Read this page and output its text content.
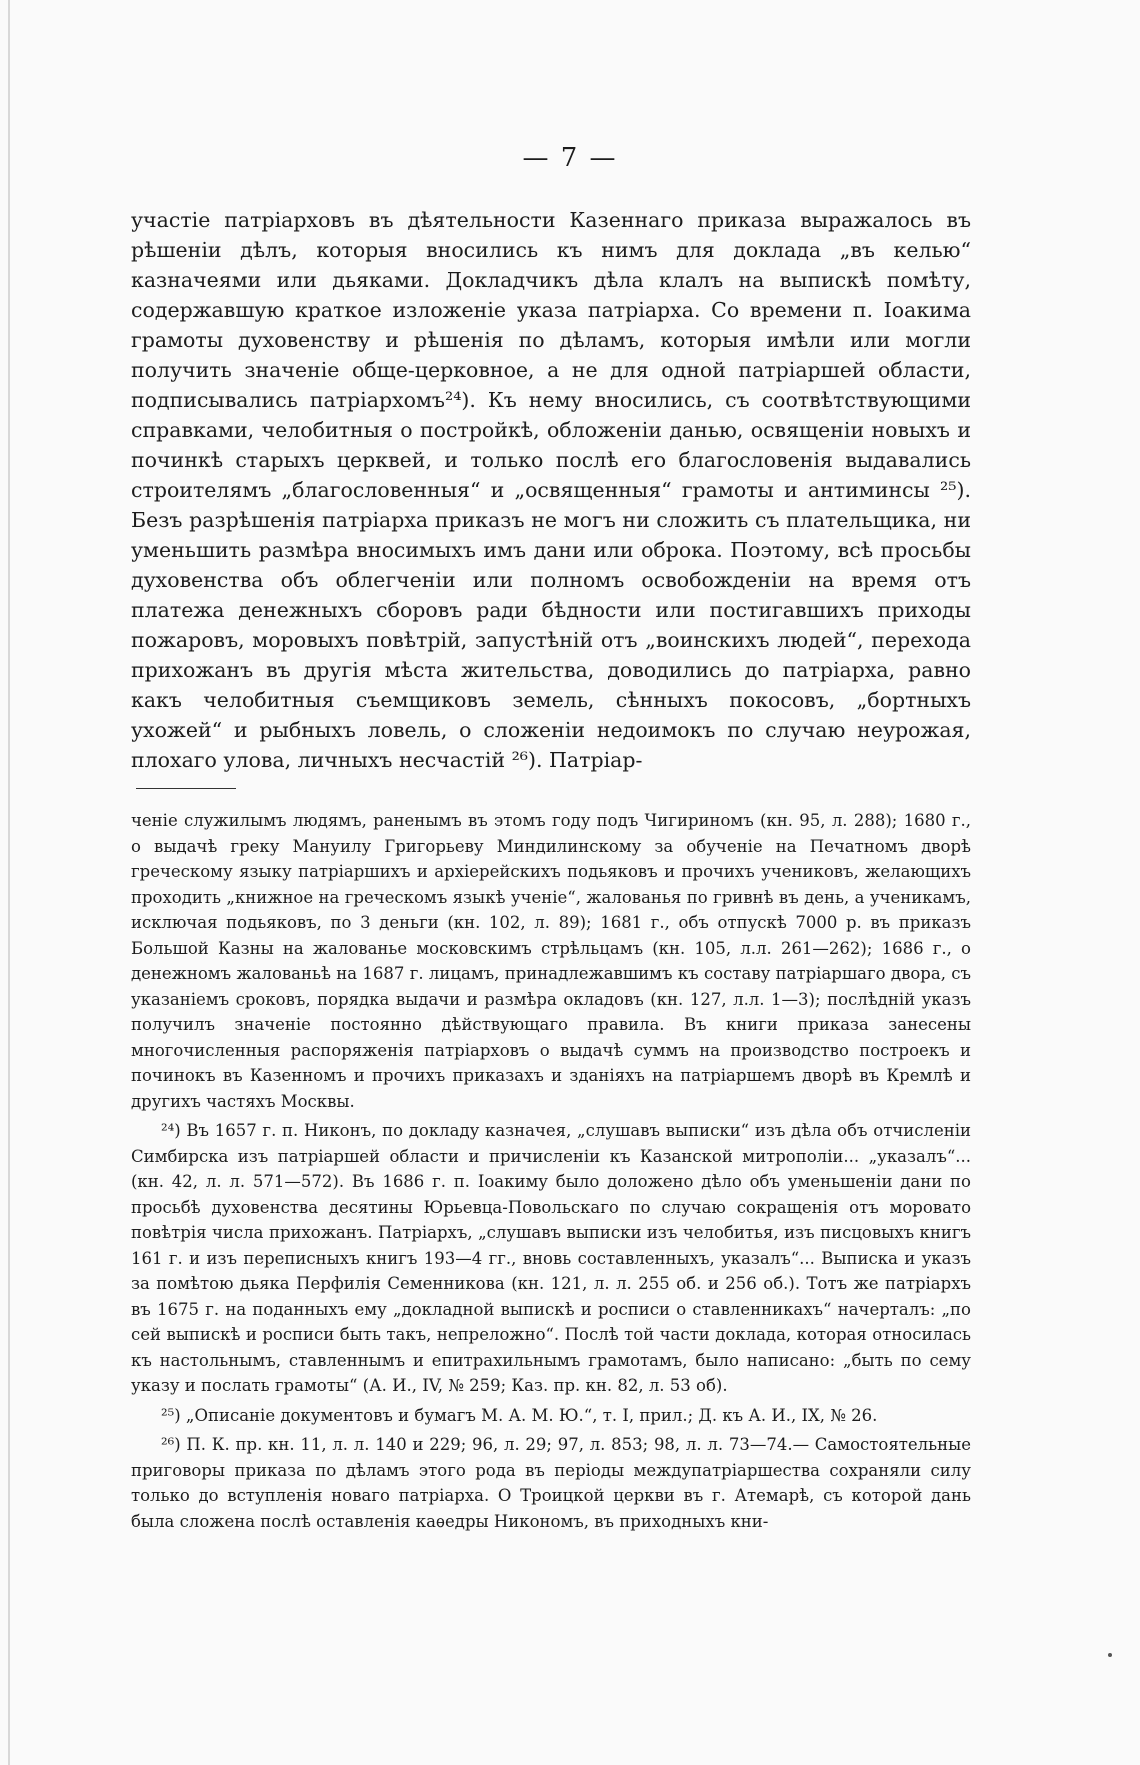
— 7 —

участіе патріарховъ въ дѣятельности Казеннаго приказа выражалось въ рѣшеніи дѣлъ, которыя вносились къ нимъ для доклада „въ келью“ казначеями или дьяками. Докладчикъ дѣла клалъ на выпискѣ помѣту, содержавшую краткое изложеніе указа патріарха. Со времени п. Іоакима грамоты духовенству и рѣшенія по дѣламъ, которыя имѣли или могли получить значеніе обще-церковное, а не для одной патріаршей области, подписывались патріархомъ²⁴). Къ нему вносились, съ соотвѣтствующими справками, челобитныя о постройкѣ, обложеніи данью, освященіи новыхъ и починкѣ старыхъ церквей, и только послѣ его благословенія выдавались строителямъ „благословенныя“ и „освященныя“ грамоты и антиминсы ²⁵). Безъ разрѣшенія патріарха приказъ не могъ ни сложить съ плательщика, ни уменьшить размѣра вносимыхъ имъ дани или оброка. Поэтому, всѣ просьбы духовенства объ облегченіи или полномъ освобожденіи на время отъ платежа денежныхъ сборовъ ради бѣдности или постигавшихъ приходы пожаровъ, моровыхъ повѣтрій, запустѣній отъ „воинскихъ людей“, перехода прихожанъ въ другія мѣста жительства, доводились до патріарха, равно какъ челобитныя съемщиковъ земель, сѣнныхъ покосовъ, „бортныхъ ухожей“ и рыбныхъ ловель, о сложеніи недоимокъ по случаю неурожая, плохаго улова, личныхъ несчастій ²⁶). Патріар-

ченіе служилымъ людямъ, раненымъ въ этомъ году подъ Чигириномъ (кн. 95, л. 288); 1680 г., о выдачѣ греку Мануилу Григорьеву Миндилинскому за обученіе на Печатномъ дворѣ греческому языку патріаршихъ и архіерейскихъ подьяковъ и прочихъ учениковъ, желающихъ проходить „книжное на греческомъ языкѣ ученіе“, жалованья по гривнѣ въ день, а ученикамъ, исключая подьяковъ, по 3 деньги (кн. 102, л. 89); 1681 г., объ отпускѣ 7000 р. въ приказъ Большой Казны на жалованье московскимъ стрѣльцамъ (кн. 105, л.л. 261—262); 1686 г., о денежномъ жалованьѣ на 1687 г. лицамъ, принадлежавшимъ къ составу патріаршаго двора, съ указаніемъ сроковъ, порядка выдачи и размѣра окладовъ (кн. 127, л.л. 1—3); послѣдній указъ получилъ значеніе постоянно дѣйствующаго правила. Въ книги приказа занесены многочисленныя распоряженія патріарховъ о выдачѣ суммъ на производство построекъ и починокъ въ Казенномъ и прочихъ приказахъ и зданіяхъ на патріаршемъ дворѣ въ Кремлѣ и другихъ частяхъ Москвы.

²⁴) Въ 1657 г. п. Никонъ, по докладу казначея, „слушавъ выписки“ изъ дѣла объ отчисленіи Симбирска изъ патріаршей области и причисленіи къ Казанской митрополіи... „указалъ“... (кн. 42, л. л. 571—572). Въ 1686 г. п. Іоакиму было доложено дѣло объ уменьшеніи дани по просьбѣ духовенства десятины Юрьевца-Повольскаго по случаю сокращенія отъ моровато повѣтрія числа прихожанъ. Патріархъ, „слушавъ выписки изъ челобитья, изъ писцовыхъ книгъ 161 г. и изъ переписныхъ книгъ 193—4 гг., вновь составленныхъ, указалъ“... Выписка и указъ за помѣтою дьяка Перфилія Семенникова (кн. 121, л. л. 255 об. и 256 об.). Тотъ же патріархъ въ 1675 г. на поданныхъ ему „докладной выпискѣ и росписи о ставленникахъ“ начерталъ: „по сей выпискѣ и росписи быть такъ, непреложно“. Послѣ той части доклада, которая относилась къ настольнымъ, ставленнымъ и епитрахильнымъ грамотамъ, было написано: „быть по сему указу и послать грамоты“ (А. И., IV, № 259; Каз. пр. кн. 82, л. 53 об).

²⁵) „Описаніе документовъ и бумагъ М. А. М. Ю.“, т. I, прил.; Д. къ А. И., IX, № 26.

²⁶) П. К. пр. кн. 11, л. л. 140 и 229; 96, л. 29; 97, л. 853; 98, л. л. 73—74.— Самостоятельные приговоры приказа по дѣламъ этого рода въ періоды междупатріаршества сохраняли силу только до вступленія новаго патріарха. О Троицкой церкви въ г. Атемарѣ, съ которой дань была сложена послѣ оставленія каѳедры Никономъ, въ приходныхъ кни-
